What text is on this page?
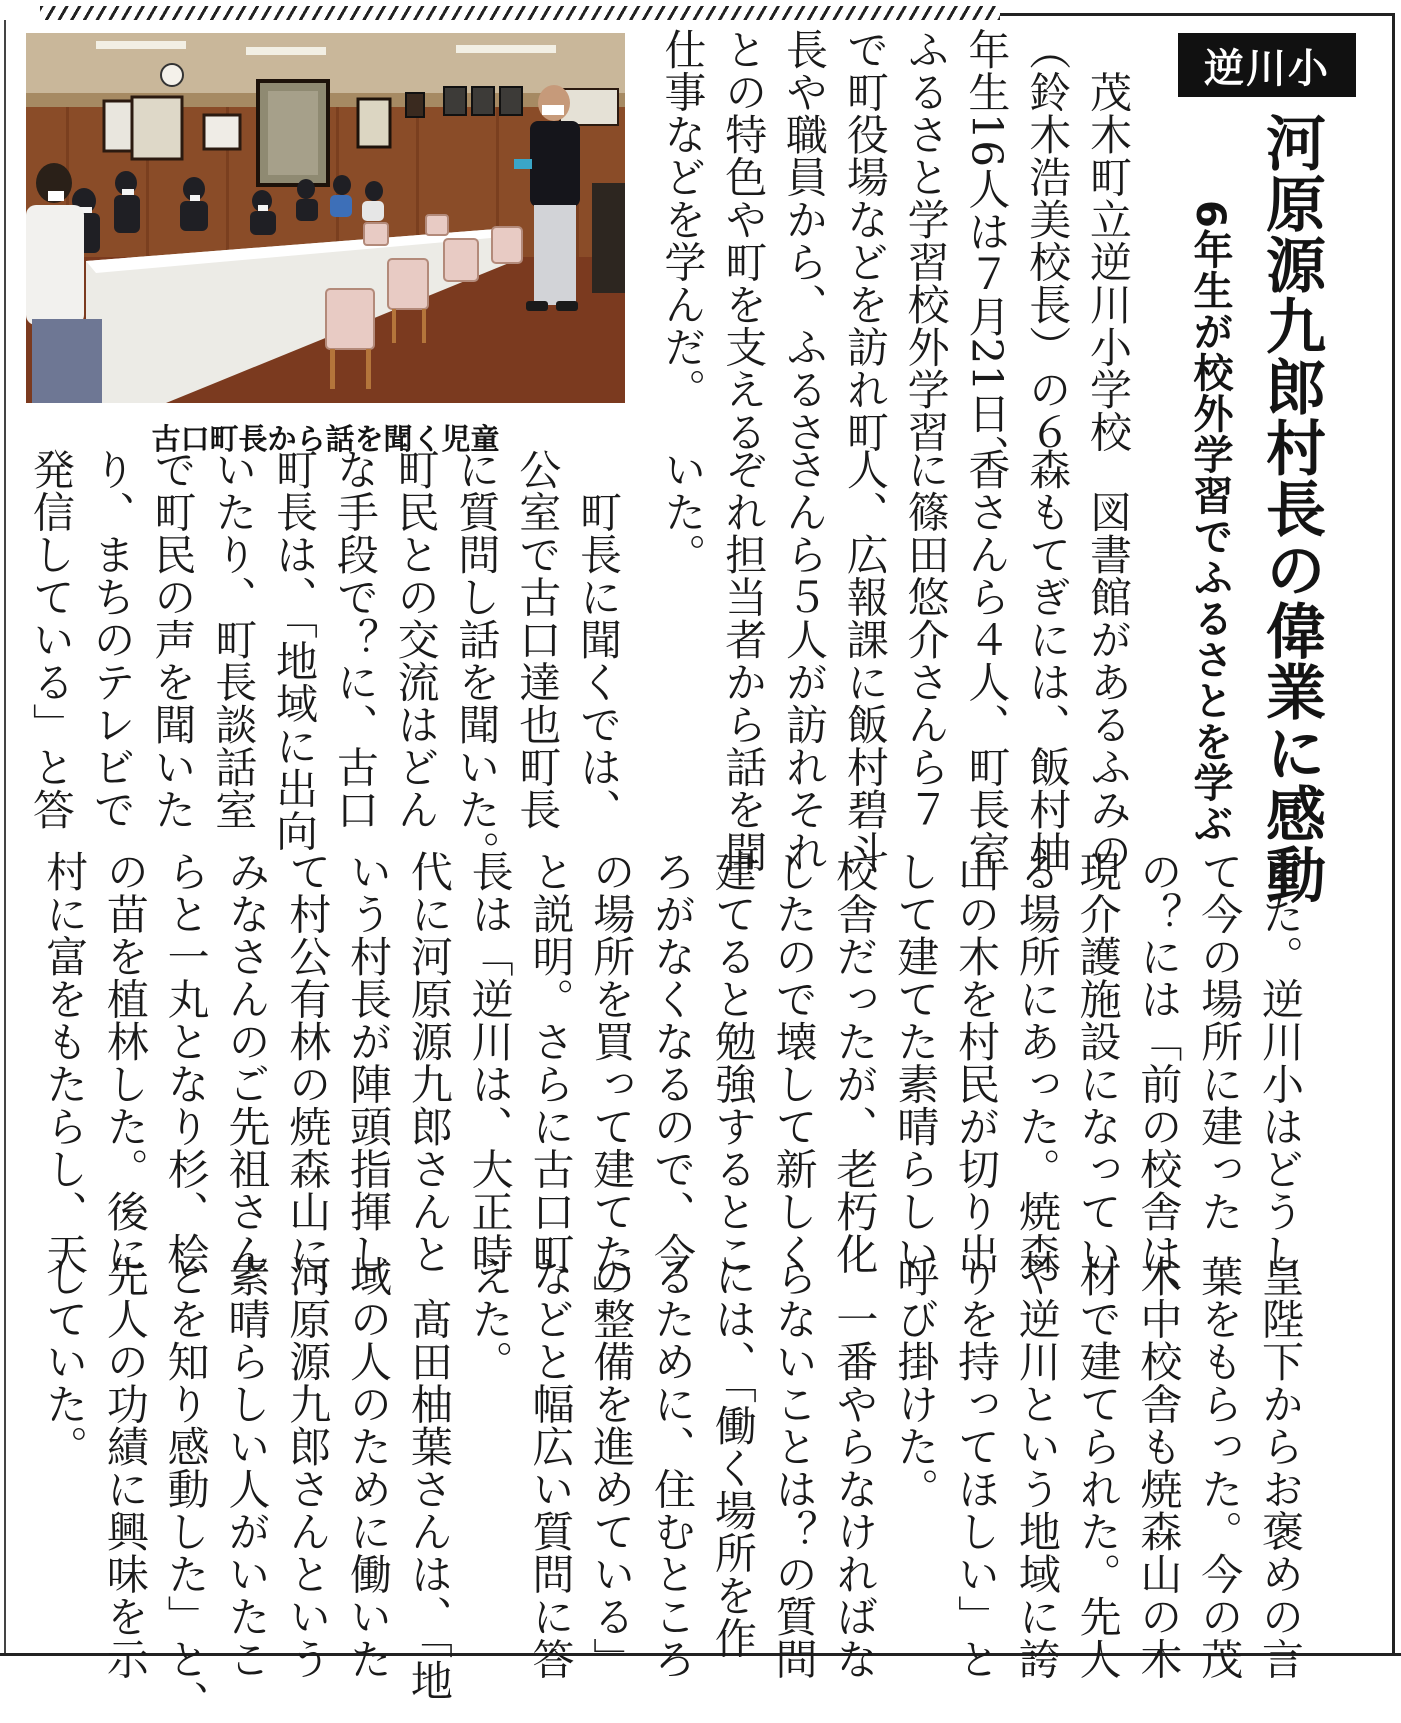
逆川小
河原源九郎村長の偉業に感動
6年生が校外学習でふるさとを学ぶ
古口町長から話を聞く児童	　茂木町立逆川小学校
（鈴木浩美校長）の６
年生16人は７月21日、
ふるさと学習校外学習
で町役場などを訪れ町
長や職員から、ふるさ
との特色や町を支える
仕事などを学んだ。

　図書館があるふみの
森もてぎには、飯村柚
香さんら４人、町長室
に篠田悠介さんら７
人、広報課に飯村碧斗
さんら５人が訪れそれ
ぞれ担当者から話を聞
いた。

　町長に聞くでは、
公室で古口達也町長
に質問し話を聞いた。
町民との交流はどん
な手段で？に、古口
町長は、「地域に出向
いたり、町長談話室
で町民の声を聞いた
り、まちのテレビで
発信している」と答

えた。逆川小はどうし
て今の場所に建った
の？には「前の校舎は、
現介護施設になってい
る場所にあった。焼森
山の木を村民が切り出
して建てた素晴らしい
校舎だったが、老朽化
したので壊して新しく
建てると勉強するとこ
ろがなくなるので、今
の場所を買って建てた」
と説明。さらに古口町
長は「逆川は、大正時
代に河原源九郎さんと
いう村長が陣頭指揮し
て村公有林の焼森山に、
みなさんのご先祖さん
らと一丸となり杉、桧
の苗を植林した。後に
村に富をもたらし、天

皇陛下からお褒めの言
葉をもらった。今の茂
木中校舎も焼森山の木
材で建てられた。先人
や逆川という地域に誇
りを持ってほしい」と
呼び掛けた。
　一番やらなければな
らないことは？の質問
には、「働く場所を作
るために、住むところ
の整備を進めている」
などと幅広い質問に答
えた。
　髙田柚葉さんは、「地
域の人のために働いた
河原源九郎さんという
素晴らしい人がいたこ
とを知り感動した」と、
先人の功績に興味を示
していた。
